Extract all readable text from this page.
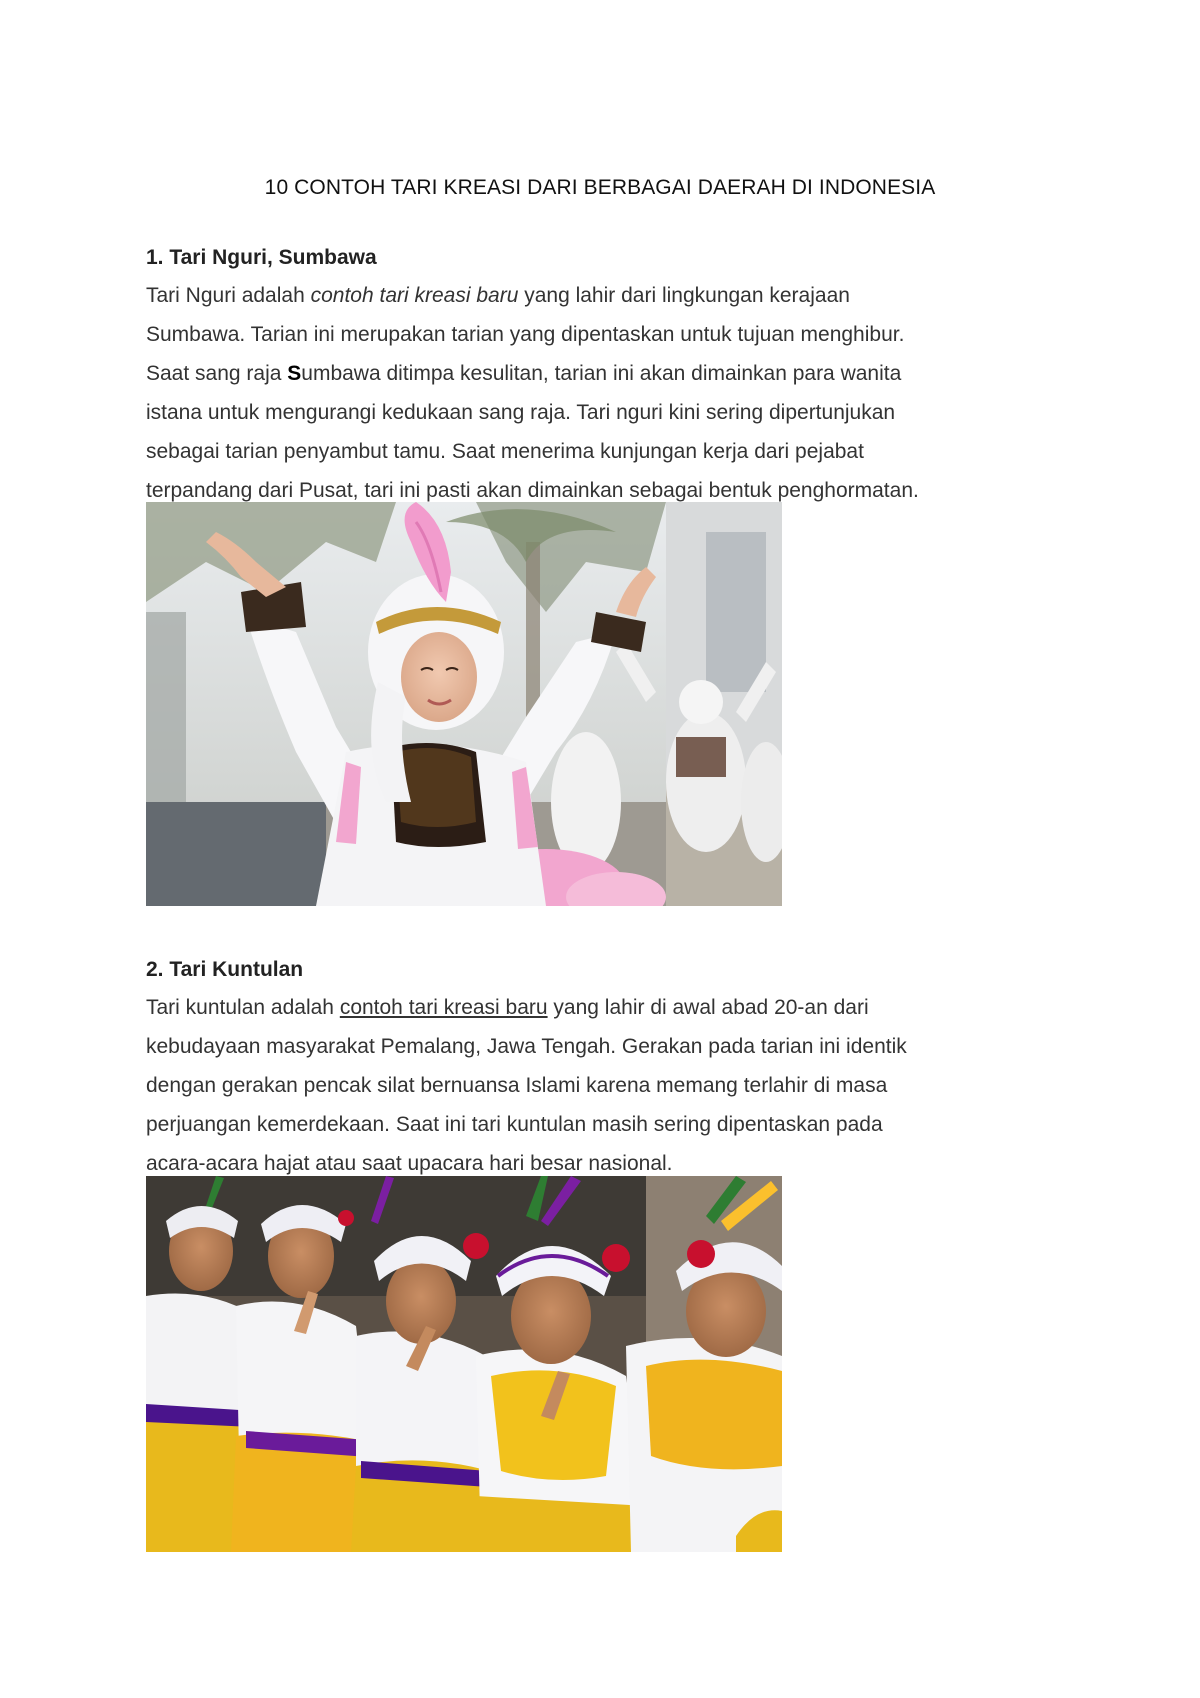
10 CONTOH TARI KREASI DARI BERBAGAI DAERAH DI INDONESIA
1. Tari Nguri, Sumbawa

Tari Nguri adalah contoh tari kreasi baru yang lahir dari lingkungan kerajaan
Sumbawa. Tarian ini merupakan tarian yang dipentaskan untuk tujuan menghibur.
Saat sang raja Sumbawa ditimpa kesulitan, tarian ini akan dimainkan para wanita
istana untuk mengurangi kedukaan sang raja. Tari nguri kini sering dipertunjukan
sebagai tarian penyambut tamu. Saat menerima kunjungan kerja dari pejabat
terpandang dari Pusat, tari ini pasti akan dimainkan sebagai bentuk penghormatan.

2. Tari Kuntulan

Tari kuntulan adalah contoh tari kreasi baru yang lahir di awal abad 20-an dari
kebudayaan masyarakat Pemalang, Jawa Tengah. Gerakan pada tarian ini identik
dengan gerakan pencak silat bernuansa Islami karena memang terlahir di masa
perjuangan kemerdekaan. Saat ini tari kuntulan masih sering dipentaskan pada
acara-acara hajat atau saat upacara hari besar nasional.
